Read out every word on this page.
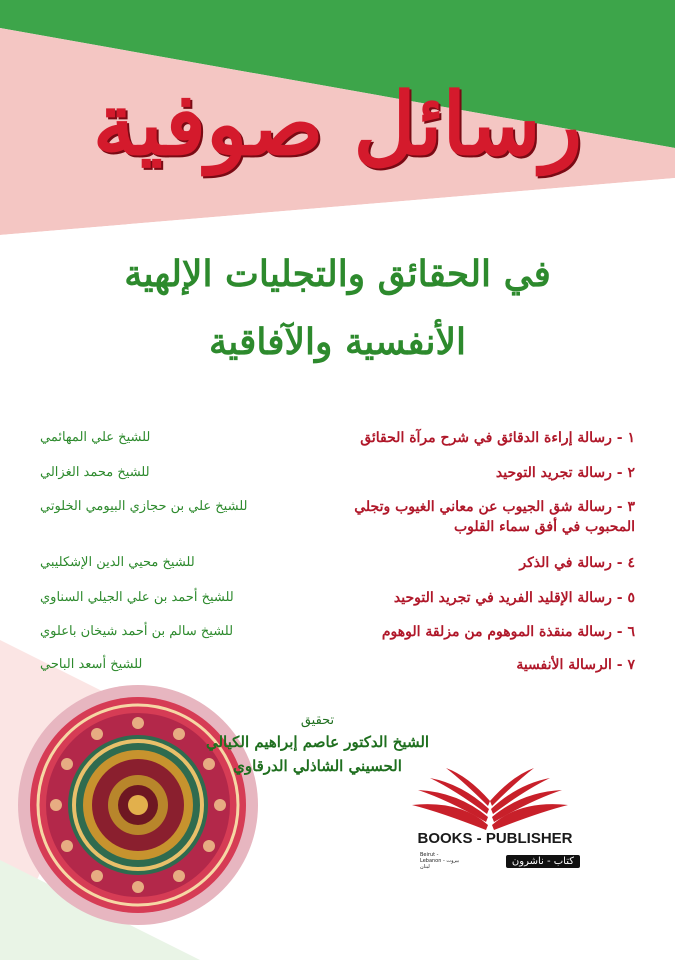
رسائل صوفية
في الحقائق والتجليات الإلهية
الأنفسية والآفاقية
١ - رسالة إراءة الدقائق في شرح مرآة الحقائق
للشيخ علي المهائمي
٢ - رسالة تجريد التوحيد
للشيخ محمد الغزالي
٣ - رسالة شق الجيوب عن معاني الغيوب وتجلي المحبوب في أفق سماء القلوب
للشيخ علي بن حجازي البيومي الخلوتي
٤ - رسالة في الذكر
للشيخ محيي الدين الإشكليبي
٥ - رسالة الإقليد الفريد في تجريد التوحيد
للشيخ أحمد بن علي الجيلي السناوي
٦ - رسالة منقذة الموهوم من مزلقة الوهوم
للشيخ سالم بن أحمد شيخان باعلوي
٧ - الرسالة الأنفسية
للشيخ أسعد الباحي
تحقيق
الشيخ الدكتور عاصم إبراهيم الكيالي
الحسيني الشاذلي الدرقاوي
BOOKS - PUBLISHER
Beirut - Lebanon بيروت - لبنان
كتاب - ناشرون
